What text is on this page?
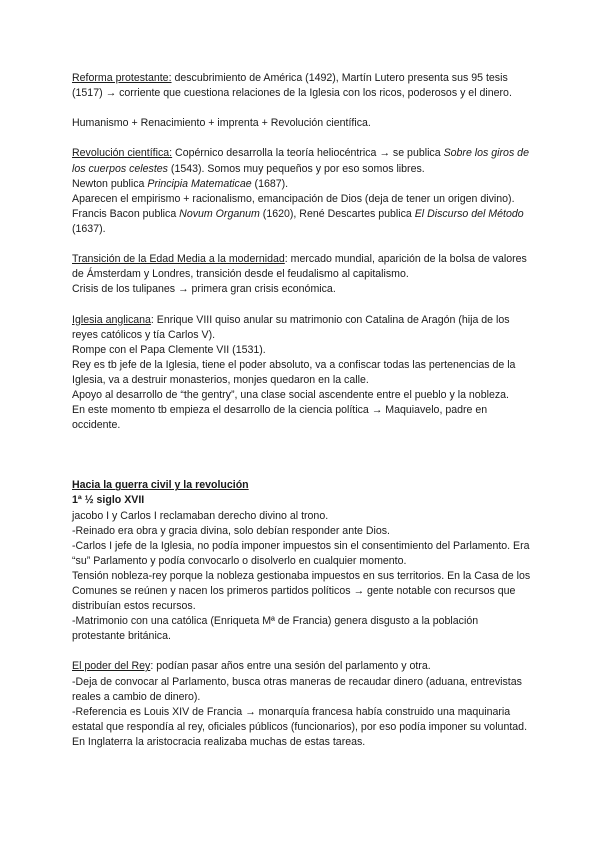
Reforma protestante: descubrimiento de América (1492), Martín Lutero presenta sus 95 tesis (1517) → corriente que cuestiona relaciones de la Iglesia con los ricos, poderosos y el dinero.

Humanismo + Renacimiento + imprenta + Revolución científica.

Revolución científica: Copérnico desarrolla la teoría heliocéntrica → se publica Sobre los giros de los cuerpos celestes (1543). Somos muy pequeños y por eso somos libres.
Newton publica Principia Matematicae (1687).
Aparecen el empirismo + racionalismo, emancipación de Dios (deja de tener un origen divino). Francis Bacon publica Novum Organum (1620), René Descartes publica El Discurso del Método (1637).

Transición de la Edad Media a la modernidad: mercado mundial, aparición de la bolsa de valores de Ámsterdam y Londres, transición desde el feudalismo al capitalismo.
Crisis de los tulipanes → primera gran crisis económica.

Iglesia anglicana: Enrique VIII quiso anular su matrimonio con Catalina de Aragón (hija de los reyes católicos y tía Carlos V).
Rompe con el Papa Clemente VII (1531).
Rey es tb jefe de la Iglesia, tiene el poder absoluto, va a confiscar todas las pertenencias de la Iglesia, va a destruir monasterios, monjes quedaron en la calle.
Apoyo al desarrollo de “the gentry”, una clase social ascendente entre el pueblo y la nobleza.
En este momento tb empieza el desarrollo de la ciencia política → Maquiavelo, padre en occidente.

Hacia la guerra civil y la revolución
1ª ½ siglo XVII
jacobo I y Carlos I reclamaban derecho divino al trono.
-Reinado era obra y gracia divina, solo debían responder ante Dios.
-Carlos I jefe de la Iglesia, no podía imponer impuestos sin el consentimiento del Parlamento. Era “su” Parlamento y podía convocarlo o disolverlo en cualquier momento.
Tensión nobleza-rey porque la nobleza gestionaba impuestos en sus territorios. En la Casa de los Comunes se reúnen y nacen los primeros partidos políticos → gente notable con recursos que distribuían estos recursos.
-Matrimonio con una católica (Enriqueta Mª de Francia) genera disgusto a la población protestante británica.

El poder del Rey: podían pasar años entre una sesión del parlamento y otra.
-Deja de convocar al Parlamento, busca otras maneras de recaudar dinero (aduana, entrevistas reales a cambio de dinero).
-Referencia es Louis XIV de Francia → monarquía francesa había construido una maquinaria estatal que respondía al rey, oficiales públicos (funcionarios), por eso podía imponer su voluntad.
En Inglaterra la aristocracia realizaba muchas de estas tareas.
